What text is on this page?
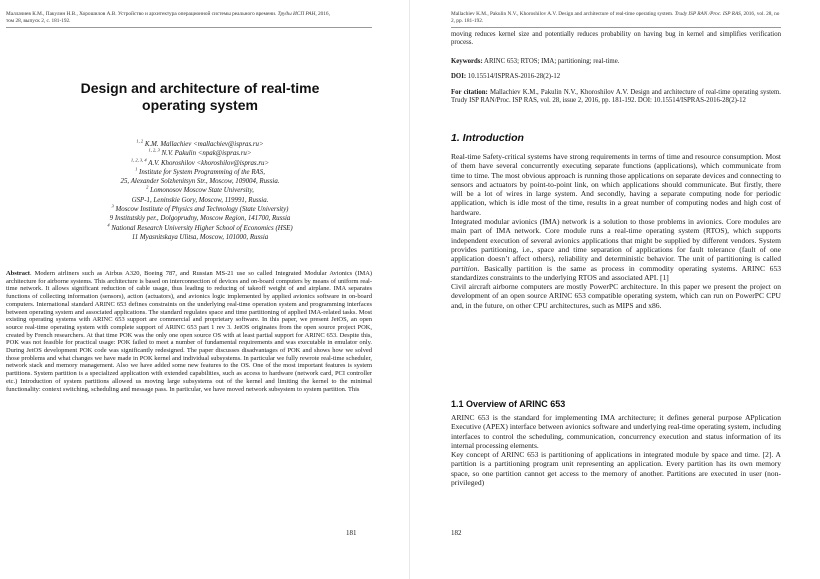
Маллачиев К.М., Пакулин Н.В., Хорошилов А.В. Устройство и архитектура операционной системы реального времени. Труды ИСП РАН, 2016, том 28, выпуск 2, с. 181-192.
Design and architecture of real-time operating system
$^{1, 2}$ K.M. Mallachiev <mallachiev@ispras.ru>
$^{1, 2, 3}$ N.V. Pakulin <npak@ispras.ru>
$^{1, 2, 3, 4}$ A.V. Khoroshilov <khoroshilov@ispras.ru>
$^1$ Institute for System Programming of the RAS,
25, Alexander Solzhenitsyn Str., Moscow, 109004, Russia.
$^2$ Lomonosov Moscow State University,
GSP-1, Leninskie Gory, Moscow, 119991, Russia.
$^3$ Moscow Institute of Physics and Technology (State University)
9 Institutskiy per., Dolgoprudny, Moscow Region, 141700, Russia
$^4$ National Research University Higher School of Economics (HSE)
11 Myasnitskaya Ulitsa, Moscow, 101000, Russia
Abstract. Modern airliners such as Airbus A320, Boeing 787, and Russian MS-21 use so called Integrated Modular Avionics (IMA) architecture for airborne systems. This architecture is based on interconnection of devices and on-board computers by means of uniform real-time network. It allows significant reduction of cable usage, thus leading to reducing of takeoff weight of and airplane. IMA separates functions of collecting information (sensors), action (actuators), and avionics logic implemented by applied avionics software in on-board computers. International standard ARINC 653 defines constraints on the underlying real-time operation system and programming interfaces between operating system and associated applications. The standard regulates space and time partitioning of applied IMA-related tasks. Most existing operating systems with ARINC 653 support are commercial and proprietary software. In this paper, we present JetOS, an open source real-time operating system with complete support of ARINC 653 part 1 rev 3. JetOS originates from the open source project POK, created by French researchers. At that time POK was the only one open source OS with at least partial support for ARINC 653. Despite this, POK was not feasible for practical usage: POK failed to meet a number of fundamental requirements and was executable in emulator only. During JetOS development POK code was significantly redesigned. The paper discusses disadvantages of POK and shows how we solved those problems and what changes we have made in POK kernel and individual subsystems. In particular we fully rewrote real-time scheduler, network stack and memory management. Also we have added some new features to the OS. One of the most important features is system partitions. System partition is a specialized application with extended capabilities, such as access to hardware (network card, PCI controller etc.) Introduction of system partitions allowed us moving large subsystems out of the kernel and limiting the kernel to the minimal functionality: context switching, scheduling and message pass. In particular, we have moved network subsystem to system partition. This
181
Mallachiev K.M., Pakulin N.V., Khoroshilov A.V. Design and architecture of real-time operating system. Trudy ISP RAN /Proc. ISP RAS, 2016, vol. 28, no 2, pp. 181-192.
moving reduces kernel size and potentially reduces probability on having bug in kernel and simplifies verification process.
Keywords: ARINC 653; RTOS; IMA; partitioning; real-time.
DOI: 10.15514/ISPRAS-2016-28(2)-12
For citation: Mallachiev K.M., Pakulin N.V., Khoroshilov A.V. Design and architecture of real-time operating system. Trudy ISP RAN/Proc. ISP RAS, vol. 28, issue 2, 2016, pp. 181-192. DOI: 10.15514/ISPRAS-2016-28(2)-12
1. Introduction

Real-time Safety-critical systems have strong requirements in terms of time and resource consumption. Most of them have several concurrently executing separate functions (applications), which communicate from time to time. The most obvious approach is running those applications on separate devices and connecting to sensors and actuators by point-to-point link, on which applications should communicate. But firstly, there will be a lot of wires in large system. And secondly, having a separate computing node for periodic application, which is idle most of the time, results in a great number of computing nodes and high cost of hardware.

Integrated modular avionics (IMA) network is a solution to those problems in avionics. Core modules are main part of IMA network. Core module runs a real-time operating system (RTOS), which supports independent execution of several avionics applications that might be supplied by different vendors. System provides partitioning, i.e., space and time separation of applications for fault tolerance (fault of one application doesn’t affect others), reliability and deterministic behavior. The unit of partitioning is called partition. Basically partition is the same as process in commodity operating systems. ARINC 653 standardizes constraints to the underlying RTOS and associated API. [1]

Civil aircraft airborne computers are mostly PowerPC architecture. In this paper we present the project on development of an open source ARINC 653 compatible operating system, which can run on PowerPC CPU and, in the future, on other CPU architectures, such as MIPS and x86.

1.1 Overview of ARINC 653

ARINC 653 is the standard for implementing IMA architecture; it defines general purpose APplication Executive (APEX) interface between avionics software and underlying real-time operating system, including interfaces to control the scheduling, communication, concurrency execution and status information of its internal processing elements.

Key concept of ARINC 653 is partitioning of applications in integrated module by space and time. [2]. A partition is a partitioning program unit representing an application. Every partition has its own memory space, so one partition cannot get access to the memory of another. Partitions are executed in user (non-privileged)

182
